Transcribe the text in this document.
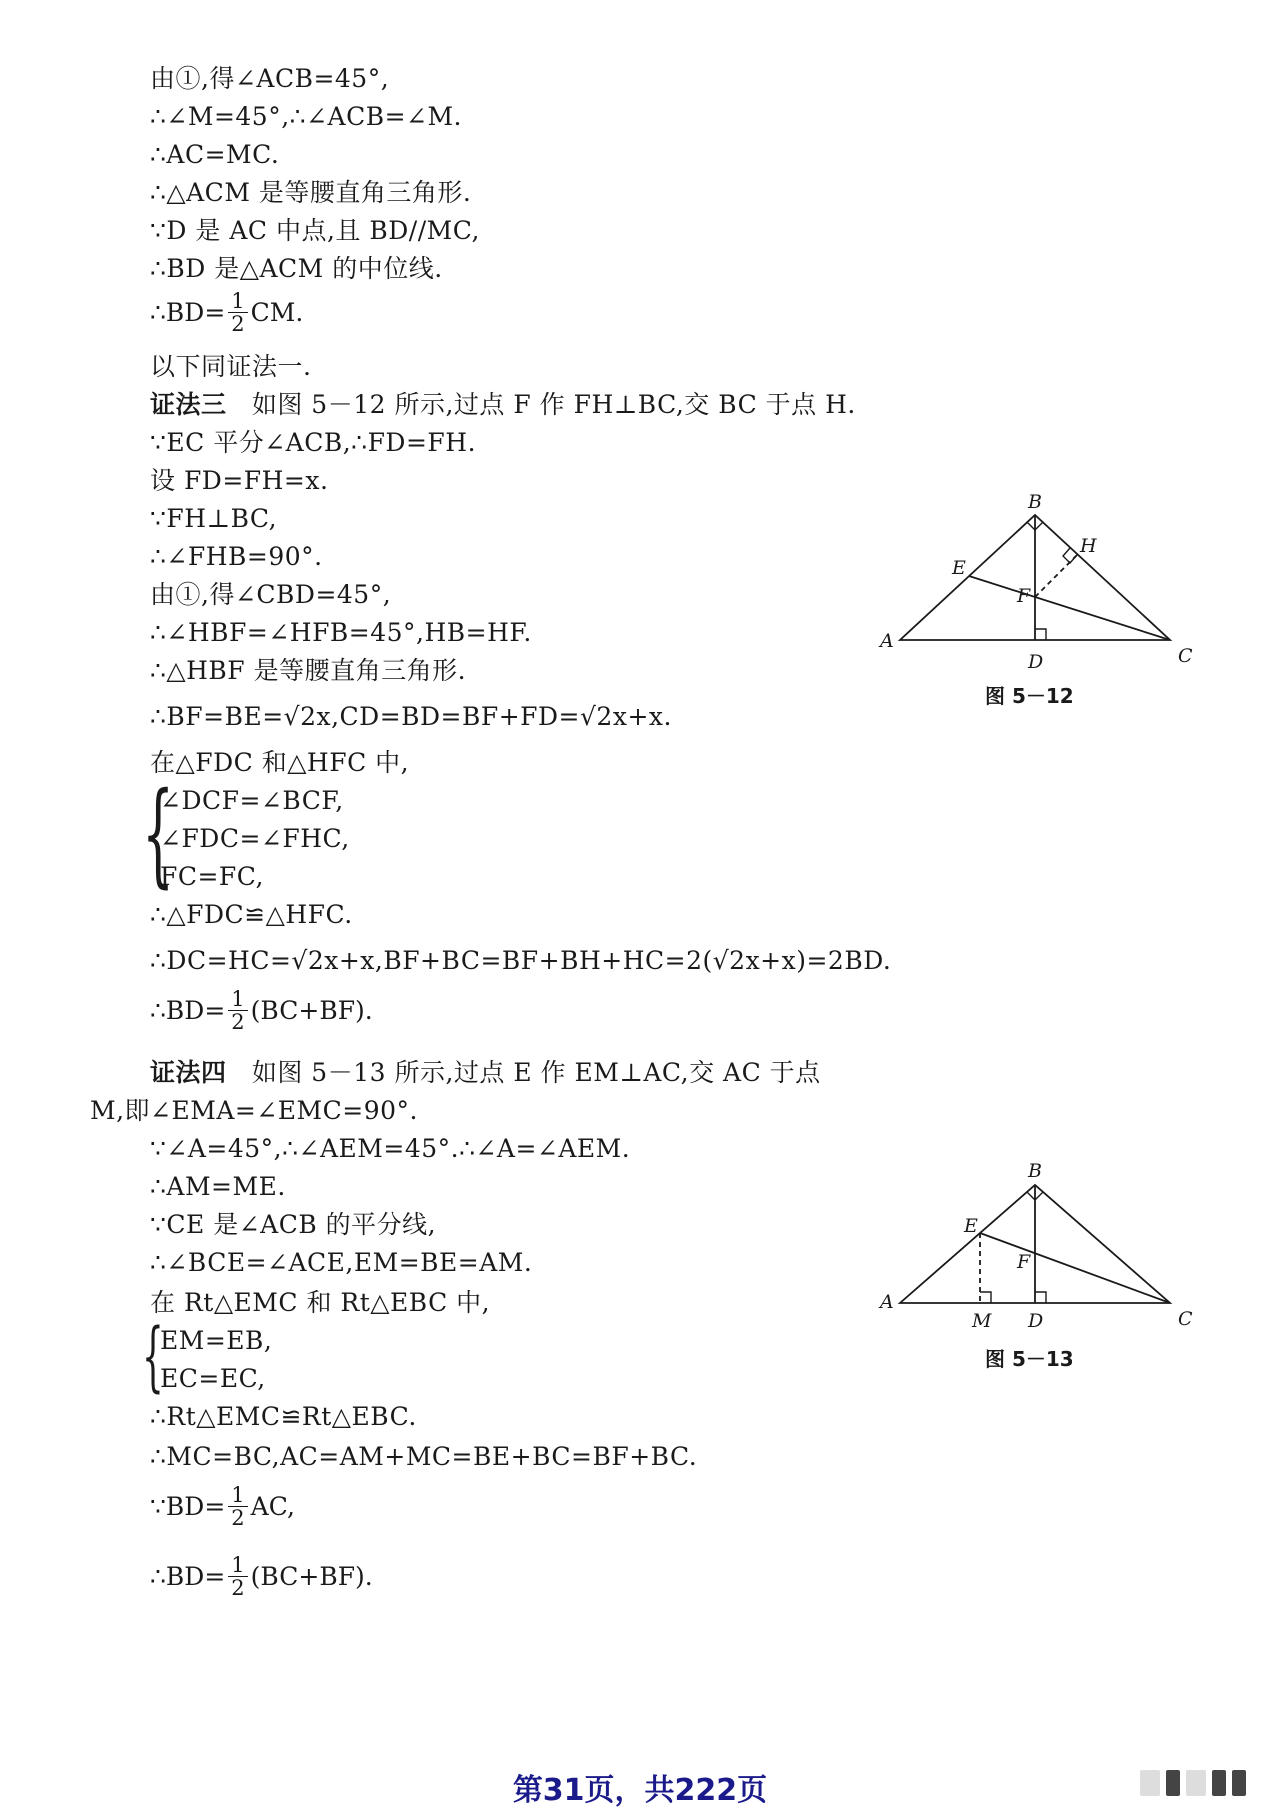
由①,得∠ACB=45°,
∴∠M=45°,∴∠ACB=∠M.
∴AC=MC.
∴△ACM 是等腰直角三角形.
∵D 是 AC 中点,且 BD//MC,
∴BD 是△ACM 的中位线.
∴BD= $\frac{1}{2}$ CM.
以下同证法一.
证法三 如图 5－12 所示,过点 F 作 FH⊥BC,交 BC 于点 H.
∵EC 平分∠ACB,∴FD=FH.
设 FD=FH=x.
∵FH⊥BC,
∴∠FHB=90°.
由①,得∠CBD=45°,
∴∠HBF=∠HFB=45°,HB=HF.
∴△HBF 是等腰直角三角形.
∴BF=BE=√2x,CD=BD=BF+FD=√2x+x.
在△FDC 和△HFC 中,
{
∠DCF=∠BCF,
∠FDC=∠FHC,
FC=FC,
∴△FDC≌△HFC.
∴DC=HC=√2x+x,BF+BC=BF+BH+HC=2(√2x+x)=2BD.
∴BD= $\frac{1}{2} (BC+BF)$.
证法四 如图 5－13 所示,过点 E 作 EM⊥AC,交 AC 于点
M,即∠EMA=∠EMC=90°.
∵∠A=45°,∴∠AEM=45°.∴∠A=∠AEM.
∴AM=ME.
∵CE 是∠ACB 的平分线,
∴∠BCE=∠ACE,EM=BE=AM.
在 Rt△EMC 和 Rt△EBC 中,
{
EM=EB,
EC=EC,
∴Rt△EMC≌Rt△EBC.
∴MC=BC,AC=AM+MC=BE+BC=BF+BC.
∵BD= $\frac{1}{2}$ AC,
∴BD= $\frac{1}{2} (BC+BF)$.
B
H
E
F
A
D	C
图 5－12
B
E
F
A
M D	C
图 5－13
第31页，共222页
